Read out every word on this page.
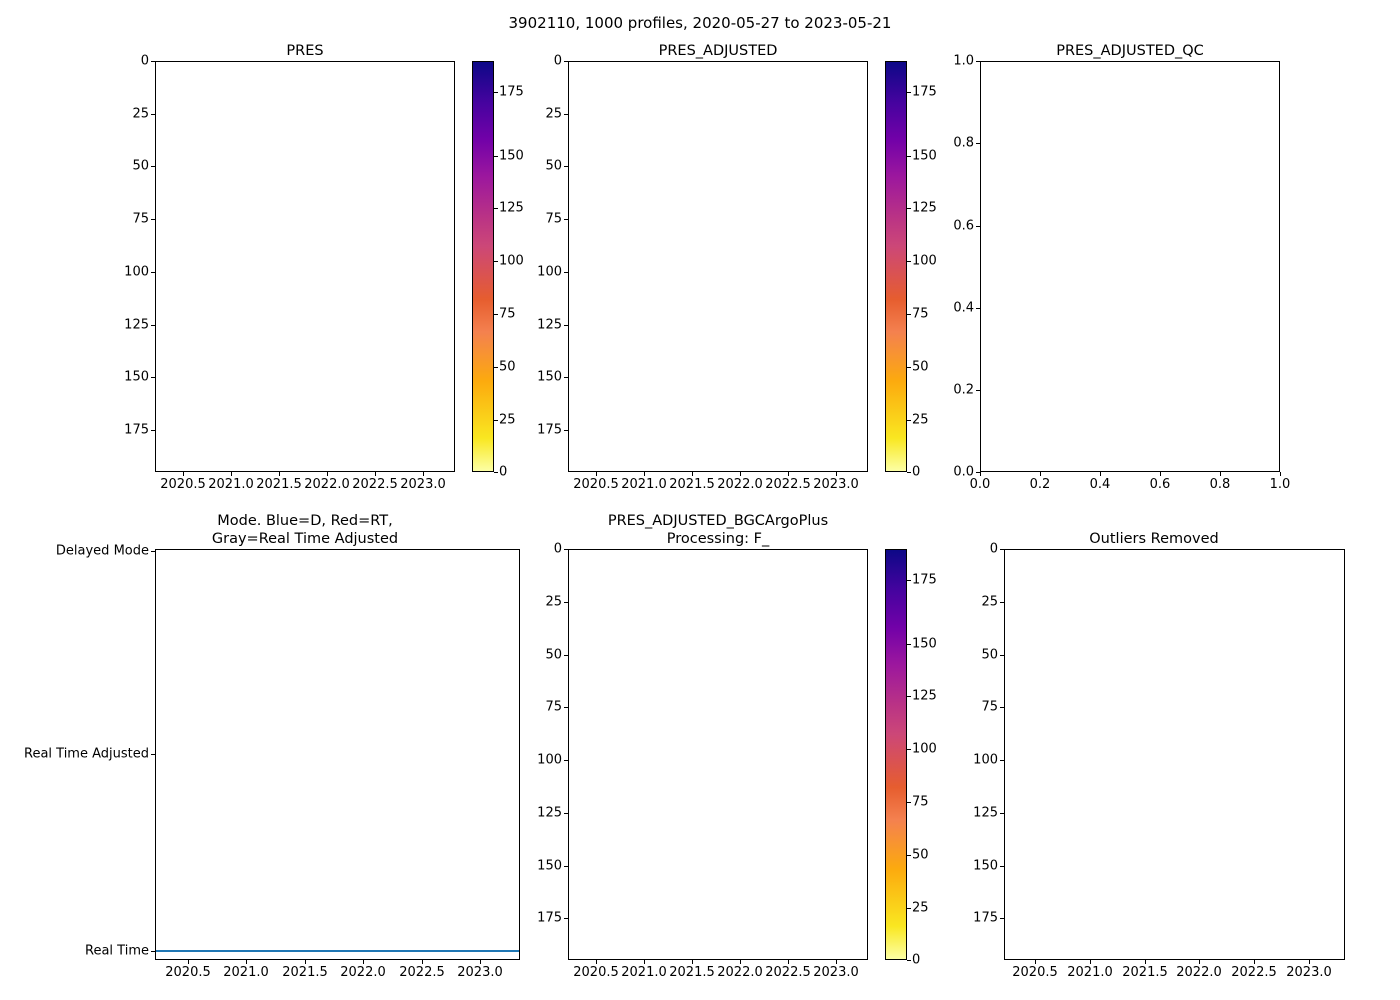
3902110, 1000 profiles, 2020-05-27 to 2023-05-21
PRES
0
25
50
75
100
125
150
175
2020.5 2021.0 2021.5 2022.0 2022.5 2023.0
0
25
50
75
100
125
150
175
PRES_ADJUSTED
0
25
50
75
100
125
150
175
2020.5 2021.0 2021.5 2022.0 2022.5 2023.0
0
25
50
75
100
125
150
175
PRES_ADJUSTED_QC
0.0
0.2
0.4
0.6
0.8
1.0
0.0	0.2	0.4	0.6	0.8	1.0
Mode. Blue=D, Red=RT,
Gray=Real Time Adjusted
Delayed Mode
Real Time Adjusted
Real Time
2020.5 2021.0 2021.5 2022.0 2022.5 2023.0
PRES_ADJUSTED_BGCArgoPlus
Processing: F_
0
25
50
75
100
125
150
175
2020.5 2021.0 2021.5 2022.0 2022.5 2023.0
0
25
50
75
100
125
150
175
Outliers Removed
0
25
50
75
100
125
150
175
2020.5 2021.0 2021.5 2022.0 2022.5 2023.0
